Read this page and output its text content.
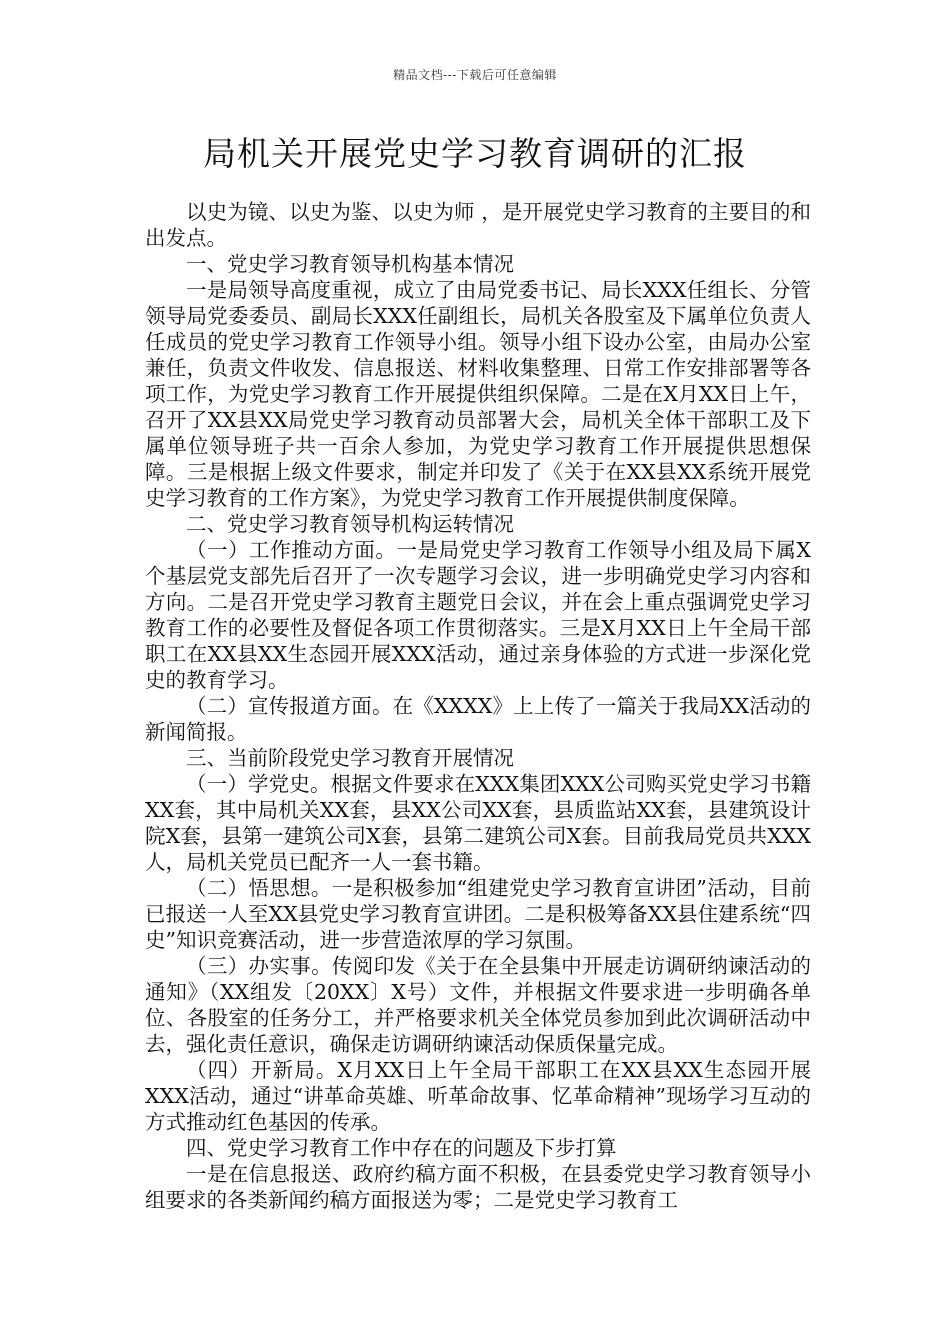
精品文档---下载后可任意编辑
局机关开展党史学习教育调研的汇报

以史为镜、以史为鉴、以史为师 ，是开展党史学习教育的主要目的和出发点。

一、党史学习教育领导机构基本情况

一是局领导高度重视，成立了由局党委书记、局长XXX任组长、分管领导局党委委员、副局长XXX任副组长，局机关各股室及下属单位负责人任成员的党史学习教育工作领导小组。领导小组下设办公室，由局办公室兼任，负责文件收发、信息报送、材料收集整理、日常工作安排部署等各项工作，为党史学习教育工作开展提供组织保障。二是在X月XX日上午，召开了XX县XX局党史学习教育动员部署大会，局机关全体干部职工及下属单位领导班子共一百余人参加，为党史学习教育工作开展提供思想保障。三是根据上级文件要求，制定并印发了《关于在XX县XX系统开展党史学习教育的工作方案》，为党史学习教育工作开展提供制度保障。

二、党史学习教育领导机构运转情况

（一）工作推动方面。一是局党史学习教育工作领导小组及局下属X个基层党支部先后召开了一次专题学习会议，进一步明确党史学习内容和方向。二是召开党史学习教育主题党日会议，并在会上重点强调党史学习教育工作的必要性及督促各项工作贯彻落实。三是X月XX日上午全局干部职工在XX县XX生态园开展XXX活动，通过亲身体验的方式进一步深化党史的教育学习。

（二）宣传报道方面。在《XXXX》上上传了一篇关于我局XX活动的新闻简报。

三、当前阶段党史学习教育开展情况

（一）学党史。根据文件要求在XXX集团XXX公司购买党史学习书籍XX套，其中局机关XX套，县XX公司XX套，县质监站XX套，县建筑设计院X套，县第一建筑公司X套，县第二建筑公司X套。目前我局党员共XXX人，局机关党员已配齐一人一套书籍。

（二）悟思想。一是积极参加“组建党史学习教育宣讲团”活动，目前已报送一人至XX县党史学习教育宣讲团。二是积极筹备XX县住建系统“四史”知识竞赛活动，进一步营造浓厚的学习氛围。

（三）办实事。传阅印发《关于在全县集中开展走访调研纳谏活动的通知》（XX组发〔20XX〕X号）文件，并根据文件要求进一步明确各单位、各股室的任务分工，并严格要求机关全体党员参加到此次调研活动中去，强化责任意识，确保走访调研纳谏活动保质保量完成。

（四）开新局。X月XX日上午全局干部职工在XX县XX生态园开展XXX活动，通过“讲革命英雄、听革命故事、忆革命精神”现场学习互动的方式推动红色基因的传承。

四、党史学习教育工作中存在的问题及下步打算

一是在信息报送、政府约稿方面不积极，在县委党史学习教育领导小组要求的各类新闻约稿方面报送为零；二是党史学习教育工
